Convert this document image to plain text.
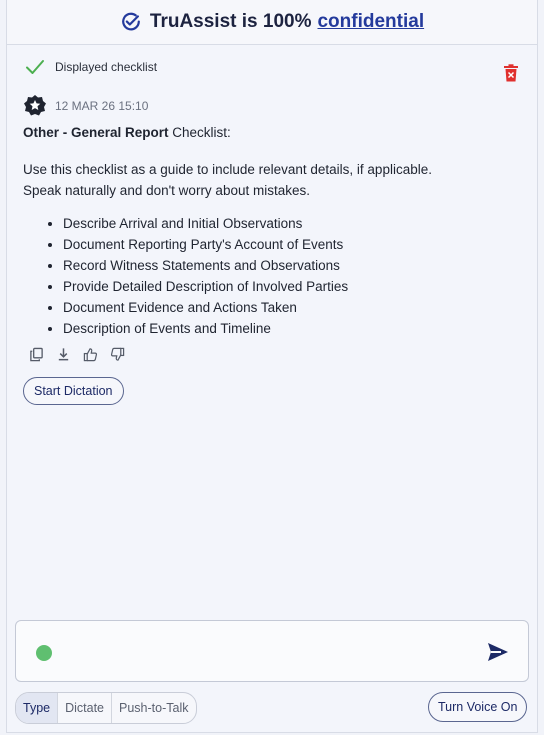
TruAssist is 100% confidential
Displayed checklist
12 MAR 26 15:10
Other - General Report Checklist:
Use this checklist as a guide to include relevant details, if applicable.
Speak naturally and don't worry about mistakes.
• Describe Arrival and Initial Observations
• Document Reporting Party's Account of Events
• Record Witness Statements and Observations
• Provide Detailed Description of Involved Parties
• Document Evidence and Actions Taken
• Description of Events and Timeline
Start Dictation
Type	Dictate	Push-to-Talk	Turn Voice On
